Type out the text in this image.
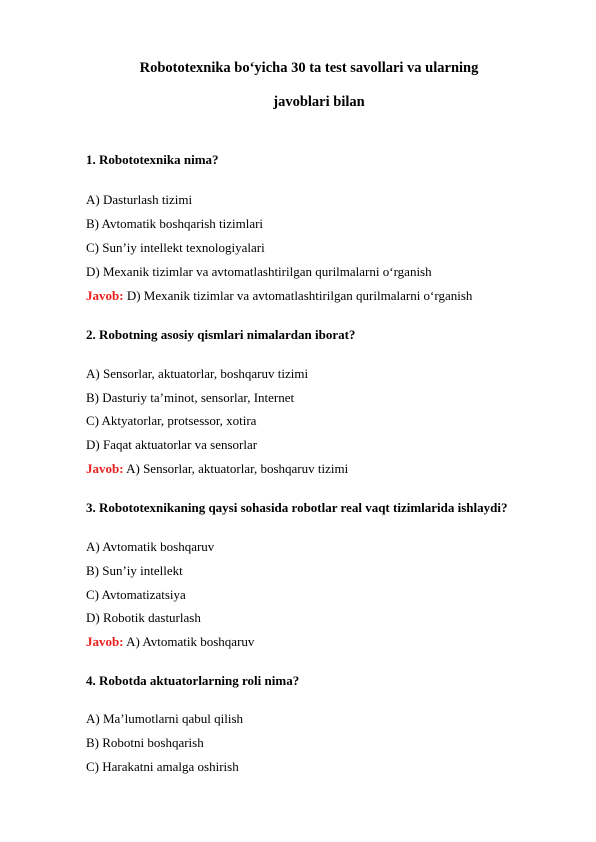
Robototexnika bo‘yicha 30 ta test savollari va ularning
javoblari bilan
1. Robototexnika nima?
A) Dasturlash tizimi
B) Avtomatik boshqarish tizimlari
C) Sun’iy intellekt texnologiyalari
D) Mexanik tizimlar va avtomatlashtirilgan qurilmalarni o‘rganish
Javob: D) Mexanik tizimlar va avtomatlashtirilgan qurilmalarni o‘rganish
2. Robotning asosiy qismlari nimalardan iborat?
A) Sensorlar, aktuatorlar, boshqaruv tizimi
B) Dasturiy ta’minot, sensorlar, Internet
C) Aktyatorlar, protsessor, xotira
D) Faqat aktuatorlar va sensorlar
Javob: A) Sensorlar, aktuatorlar, boshqaruv tizimi
3. Robototexnikaning qaysi sohasida robotlar real vaqt tizimlarida ishlaydi?
A) Avtomatik boshqaruv
B) Sun’iy intellekt
C) Avtomatizatsiya
D) Robotik dasturlash
Javob: A) Avtomatik boshqaruv
4. Robotda aktuatorlarning roli nima?
A) Ma’lumotlarni qabul qilish
B) Robotni boshqarish
C) Harakatni amalga oshirish
